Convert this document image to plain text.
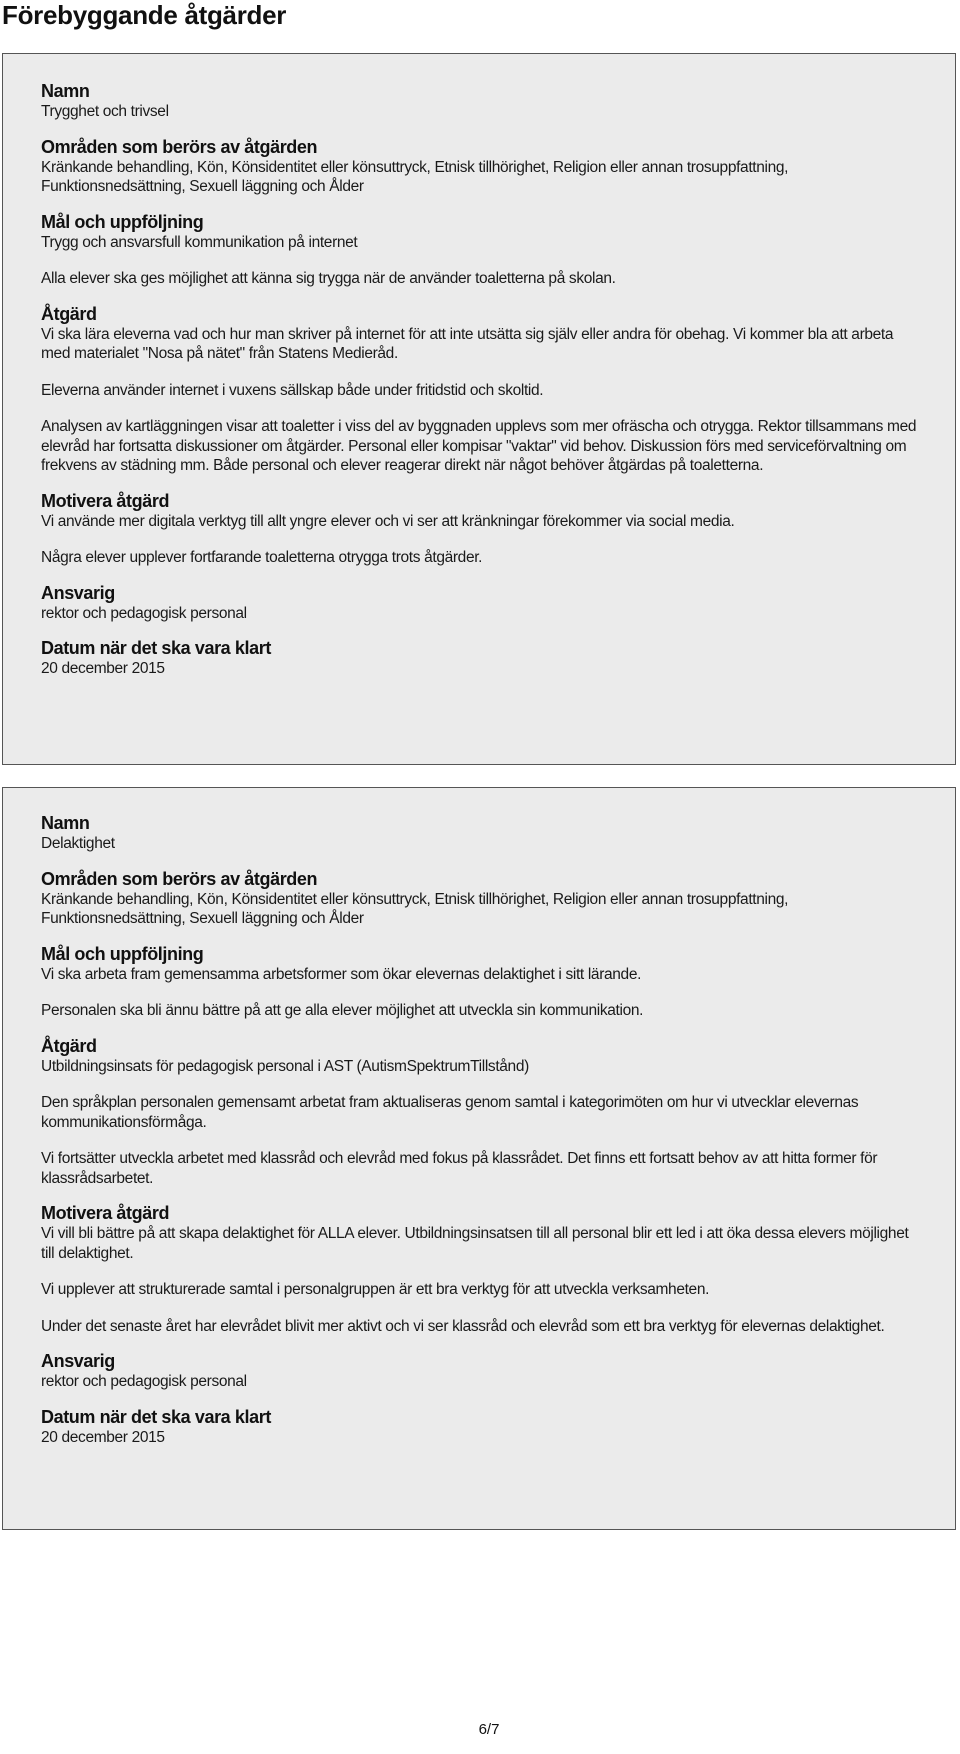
Förebyggande åtgärder
Namn

Trygghet och trivsel

Områden som berörs av åtgärden

Kränkande behandling, Kön, Könsidentitet eller könsuttryck, Etnisk tillhörighet, Religion eller annan trosuppfattning, Funktionsnedsättning, Sexuell läggning och Ålder

Mål och uppföljning

Trygg och ansvarsfull kommunikation på internet

Alla elever ska ges möjlighet att känna sig trygga när de använder toaletterna på skolan.

Åtgärd

Vi ska lära eleverna vad och hur man skriver på internet för att inte utsätta sig själv eller andra för obehag. Vi kommer bla att arbeta med materialet "Nosa på nätet" från Statens Medieråd.

Eleverna använder internet i vuxens sällskap både under fritidstid och skoltid.

Analysen av kartläggningen visar att toaletter i viss del av byggnaden upplevs som mer ofräscha och otrygga. Rektor tillsammans med elevråd har fortsatta diskussioner om åtgärder. Personal eller kompisar "vaktar" vid behov. Diskussion förs med serviceförvaltning om frekvens av städning mm. Både personal och elever reagerar direkt när något behöver åtgärdas på toaletterna.

Motivera åtgärd

Vi använde mer digitala verktyg till allt yngre elever och vi ser att kränkningar förekommer via social media.

Några elever upplever fortfarande toaletterna otrygga trots åtgärder.

Ansvarig

rektor och pedagogisk personal

Datum när det ska vara klart

20 december 2015

Namn

Delaktighet

Områden som berörs av åtgärden

Kränkande behandling, Kön, Könsidentitet eller könsuttryck, Etnisk tillhörighet, Religion eller annan trosuppfattning, Funktionsnedsättning, Sexuell läggning och Ålder

Mål och uppföljning

Vi ska arbeta fram gemensamma arbetsformer som ökar elevernas delaktighet i sitt lärande.

Personalen ska bli ännu bättre på att ge alla elever möjlighet att utveckla sin kommunikation.

Åtgärd

Utbildningsinsats för pedagogisk personal i AST (AutismSpektrumTillstånd)

Den språkplan personalen gemensamt arbetat fram aktualiseras genom samtal i kategorimöten om hur vi utvecklar elevernas kommunikationsförmåga.

Vi fortsätter utveckla arbetet med klassråd och elevråd med fokus på klassrådet. Det finns ett fortsatt behov av att hitta former för klassrådsarbetet.

Motivera åtgärd

Vi vill bli bättre på att skapa delaktighet för ALLA elever. Utbildningsinsatsen till all personal blir ett led i att öka dessa elevers möjlighet till delaktighet.

Vi upplever att strukturerade samtal i personalgruppen är ett bra verktyg för att utveckla verksamheten.

Under det senaste året har elevrådet blivit mer aktivt och vi ser klassråd och elevråd som ett bra verktyg för elevernas delaktighet.

Ansvarig

rektor och pedagogisk personal

Datum när det ska vara klart

20 december 2015

6/7
